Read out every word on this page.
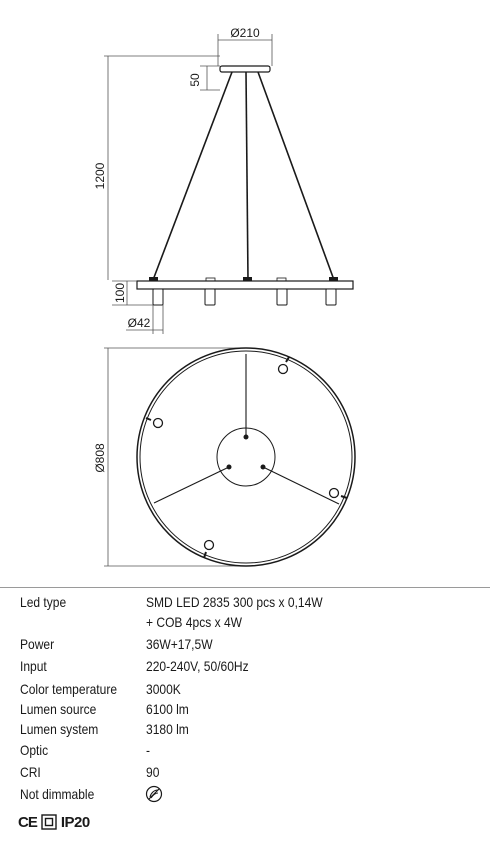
Ø210
50
1200
100
Ø42
Ø808
Led type	SMD LED 2835 300 pcs x 0,14W
+ COB 4pcs x 4W
Power	36W+17,5W
Input	220-240V, 50/60Hz
Color temperature 3000K
Lumen source	6100 lm
Lumen system	3180 lm
Optic	-
CRI	90
Not dimmable
CE IP20
